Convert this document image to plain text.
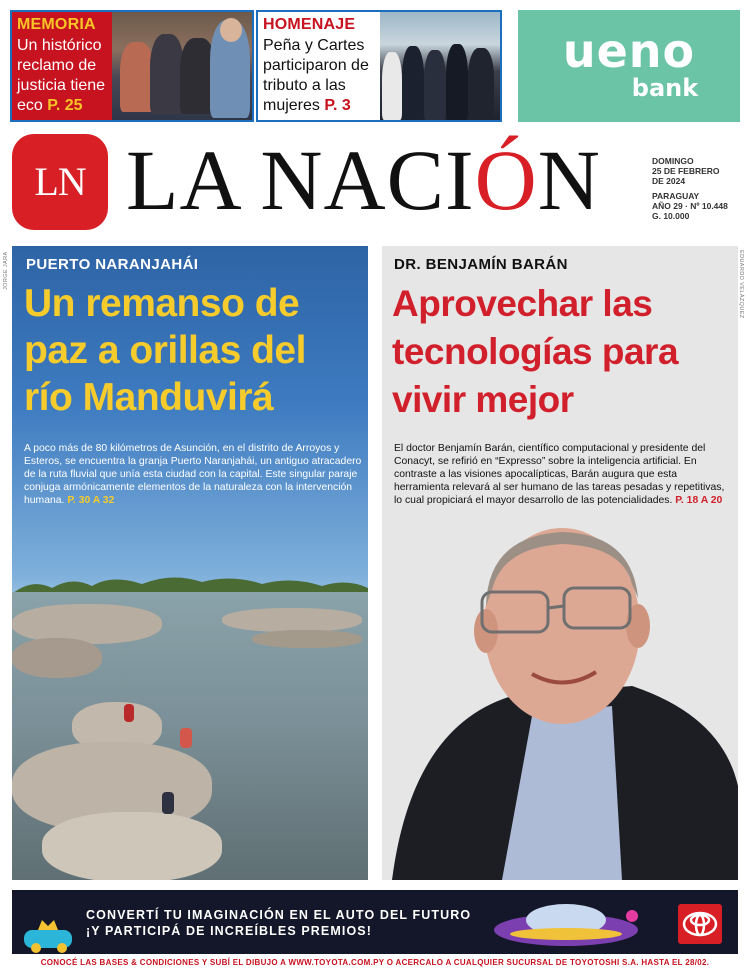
MEMORIA
Un histórico reclamo de justicia tiene eco P. 25
HOMENAJE
Peña y Cartes participaron de tributo a las mujeres P. 3
ueno
bank
LN LA NACIÓN	DOMINGO
25 DE FEBRERO
DE 2024
PARAGUAY
AÑO 29 · Nº 10.448
G. 10.000
JORGE JARA	EDUARDO VELÁZQUEZ
PUERTO NARANJAHÁI
Un remanso de paz a orillas del río Manduvirá
A poco más de 80 kilómetros de Asunción, en el distrito de Arroyos y Esteros, se encuentra la granja Puerto Naranjahái, un antiguo atracadero de la ruta fluvial que unía esta ciudad con la capital. Este singular paraje conjuga armónicamente elementos de la naturaleza con la intervención humana. P. 30 A 32
DR. BENJAMÍN BARÁN
Aprovechar las tecnologías para vivir mejor
El doctor Benjamín Barán, científico computacional y presidente del Conacyt, se refirió en “Expresso” sobre la inteligencia artificial. En contraste a las visiones apocalípticas, Barán augura que esta herramienta relevará al ser humano de las tareas pesadas y repetitivas, lo cual propiciará el mayor desarrollo de las potencialidades. P. 18 A 20
CONVERTÍ TU IMAGINACIÓN EN EL AUTO DEL FUTURO
¡Y PARTICIPÁ DE INCREÍBLES PREMIOS!
CONOCÉ LAS BASES & CONDICIONES Y SUBÍ EL DIBUJO A WWW.TOYOTA.COM.PY O ACERCALO A CUALQUIER SUCURSAL DE TOYOTOSHI S.A. HASTA EL 28/02.
